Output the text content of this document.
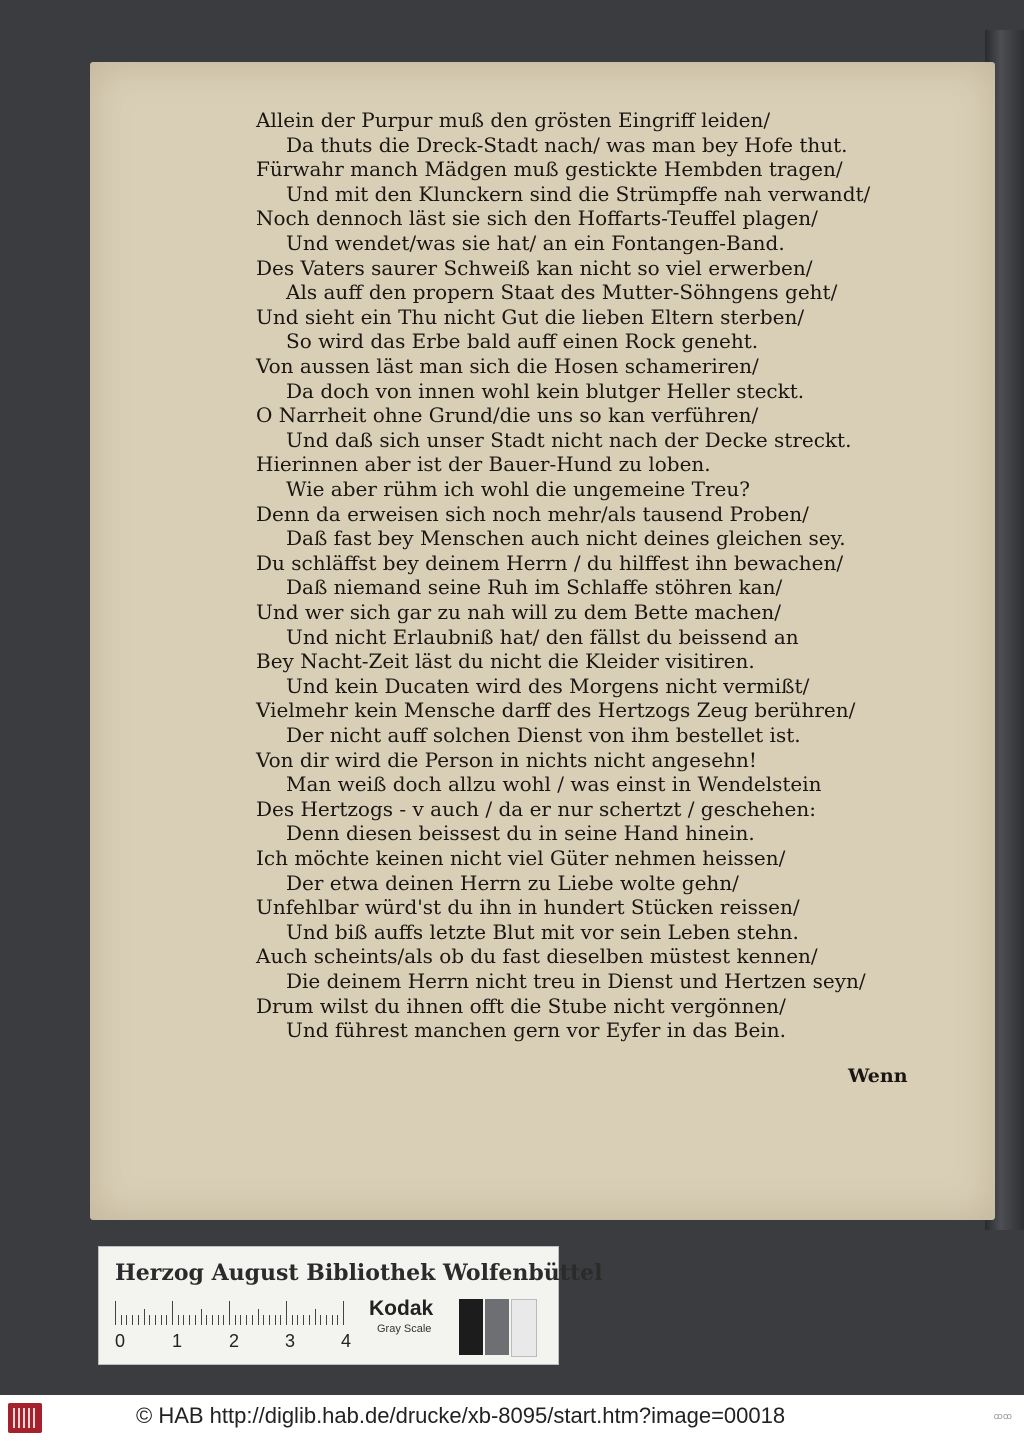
Allein der Purpur muß den grösten Eingriff leiden/
Da thuts die Dreck-Stadt nach/ was man bey Hofe thut.
Fürwahr manch Mädgen muß gestickte Hembden tragen/
Und mit den Klunckern sind die Strümpffe nah verwandt/
Noch dennoch läst sie sich den Hoffarts-Teuffel plagen/
Und wendet/was sie hat/ an ein Fontangen-Band.
Des Vaters saurer Schweiß kan nicht so viel erwerben/
Als auff den propern Staat des Mutter-Söhngens geht/
Und sieht ein Thu nicht Gut die lieben Eltern sterben/
So wird das Erbe bald auff einen Rock geneht.
Von aussen läst man sich die Hosen schameriren/
Da doch von innen wohl kein blutger Heller steckt.
O Narrheit ohne Grund/die uns so kan verführen/
Und daß sich unser Stadt nicht nach der Decke streckt.
Hierinnen aber ist der Bauer-Hund zu loben.
Wie aber rühm ich wohl die ungemeine Treu?
Denn da erweisen sich noch mehr/als tausend Proben/
Daß fast bey Menschen auch nicht deines gleichen sey.
Du schläffst bey deinem Herrn / du hilffest ihn bewachen/
Daß niemand seine Ruh im Schlaffe stöhren kan/
Und wer sich gar zu nah will zu dem Bette machen/
Und nicht Erlaubniß hat/ den fällst du beissend an
Bey Nacht-Zeit läst du nicht die Kleider visitiren.
Und kein Ducaten wird des Morgens nicht vermißt/
Vielmehr kein Mensche darff des Hertzogs Zeug berühren/
Der nicht auff solchen Dienst von ihm bestellet ist.
Von dir wird die Person in nichts nicht angesehn!
Man weiß doch allzu wohl / was einst in Wendelstein
Des Hertzogs - v auch / da er nur schertzt / geschehen:
Denn diesen beissest du in seine Hand hinein.
Ich möchte keinen nicht viel Güter nehmen heissen/
Der etwa deinen Herrn zu Liebe wolte gehn/
Unfehlbar würd'st du ihn in hundert Stücken reissen/
Und biß auffs letzte Blut mit vor sein Leben stehn.
Auch scheints/als ob du fast dieselben müstest kennen/
Die deinem Herrn nicht treu in Dienst und Hertzen seyn/
Drum wilst du ihnen offt die Stube nicht vergönnen/
Und führest manchen gern vor Eyfer in das Bein.
Wenn
Herzog August Bibliothek Wolfenbüttel
0	1	2	3	4
Kodak
Gray Scale
© HAB http://diglib.hab.de/drucke/xb-8095/start.htm?image=00018	ꝏꝏ
